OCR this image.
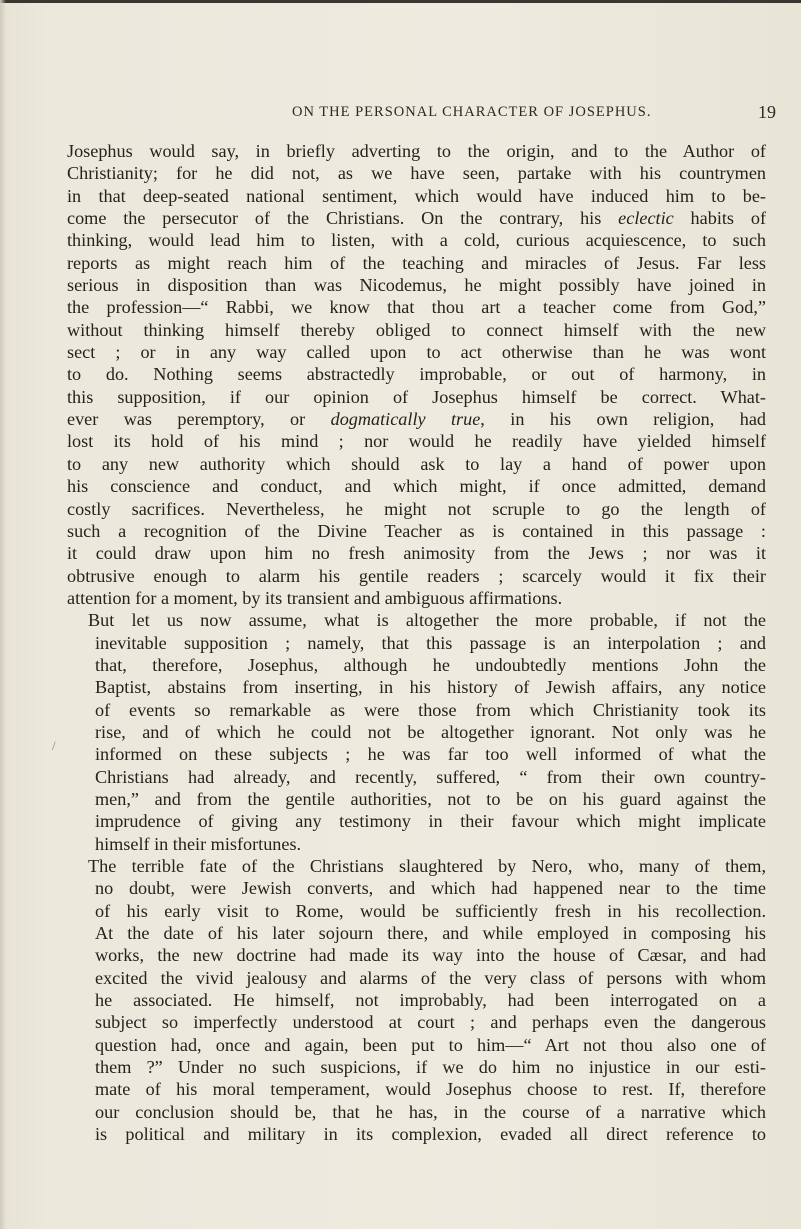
ON THE PERSONAL CHARACTER OF JOSEPHUS.	19
/
Josephus would say, in briefly adverting to the origin, and to the Author of
Christianity; for he did not, as we have seen, partake with his countrymen
in that deep-seated national sentiment, which would have induced him to be-
come the persecutor of the Christians. On the contrary, his eclectic habits of
thinking, would lead him to listen, with a cold, curious acquiescence, to such
reports as might reach him of the teaching and miracles of Jesus. Far less
serious in disposition than was Nicodemus, he might possibly have joined in
the profession—“ Rabbi, we know that thou art a teacher come from God,”
without thinking himself thereby obliged to connect himself with the new
sect ; or in any way called upon to act otherwise than he was wont
to do. Nothing seems abstractedly improbable, or out of harmony, in
this supposition, if our opinion of Josephus himself be correct. What-
ever was peremptory, or dogmatically true, in his own religion, had
lost its hold of his mind ; nor would he readily have yielded himself
to any new authority which should ask to lay a hand of power upon
his conscience and conduct, and which might, if once admitted, demand
costly sacrifices. Nevertheless, he might not scruple to go the length of
such a recognition of the Divine Teacher as is contained in this passage :
it could draw upon him no fresh animosity from the Jews ; nor was it
obtrusive enough to alarm his gentile readers ; scarcely would it fix their
attention for a moment, by its transient and ambiguous affirmations.
But let us now assume, what is altogether the more probable, if not the
inevitable supposition ; namely, that this passage is an interpolation ; and
that, therefore, Josephus, although he undoubtedly mentions John the
Baptist, abstains from inserting, in his history of Jewish affairs, any notice
of events so remarkable as were those from which Christianity took its
rise, and of which he could not be altogether ignorant. Not only was he
informed on these subjects ; he was far too well informed of what the
Christians had already, and recently, suffered, “ from their own country-
men,” and from the gentile authorities, not to be on his guard against the
imprudence of giving any testimony in their favour which might implicate
himself in their misfortunes.
The terrible fate of the Christians slaughtered by Nero, who, many of them,
no doubt, were Jewish converts, and which had happened near to the time
of his early visit to Rome, would be sufficiently fresh in his recollection.
At the date of his later sojourn there, and while employed in composing his
works, the new doctrine had made its way into the house of Cæsar, and had
excited the vivid jealousy and alarms of the very class of persons with whom
he associated. He himself, not improbably, had been interrogated on a
subject so imperfectly understood at court ; and perhaps even the dangerous
question had, once and again, been put to him—“ Art not thou also one of
them ?” Under no such suspicions, if we do him no injustice in our esti-
mate of his moral temperament, would Josephus choose to rest. If, therefore
our conclusion should be, that he has, in the course of a narrative which
is political and military in its complexion, evaded all direct reference to
